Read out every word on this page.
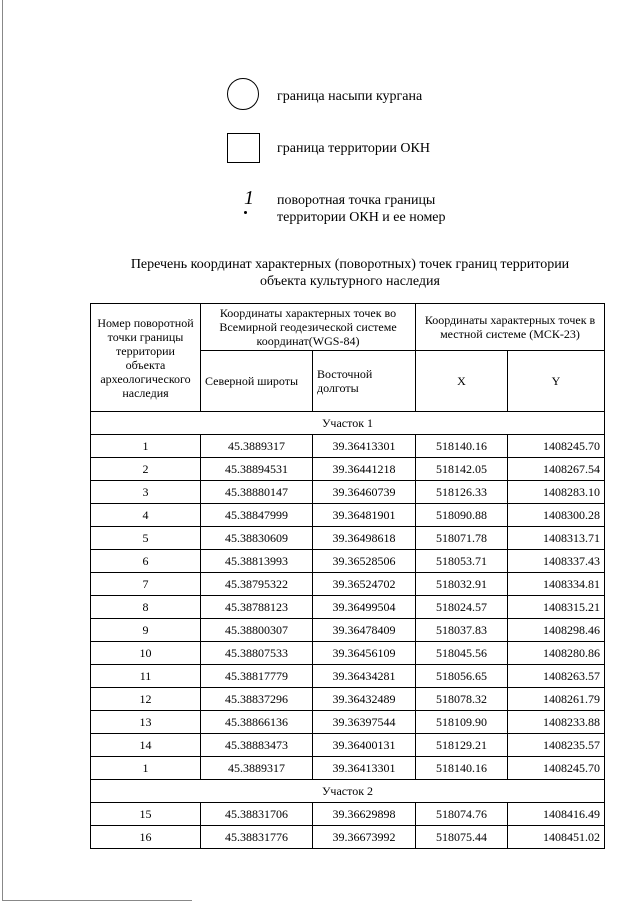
граница насыпи кургана
граница территории ОКН
1 поворотная точка границы
территории ОКН и ее номер
Перечень координат характерных (поворотных) точек границ территории
объекта культурного наследия
Номер поворотной точки границы территории объекта археологического наследия	Координаты характерных точек во Всемирной геодезической системе координат(WGS-84)		Координаты характерных точек в местной системе (МСК-23)	
	Северной широты	Восточной долготы	X	Y
Участок 1				
1	45.3889317	39.36413301	518140.16	1408245.70
2	45.38894531	39.36441218	518142.05	1408267.54
3	45.38880147	39.36460739	518126.33	1408283.10
4	45.38847999	39.36481901	518090.88	1408300.28
5	45.38830609	39.36498618	518071.78	1408313.71
6	45.38813993	39.36528506	518053.71	1408337.43
7	45.38795322	39.36524702	518032.91	1408334.81
8	45.38788123	39.36499504	518024.57	1408315.21
9	45.38800307	39.36478409	518037.83	1408298.46
10	45.38807533	39.36456109	518045.56	1408280.86
11	45.38817779	39.36434281	518056.65	1408263.57
12	45.38837296	39.36432489	518078.32	1408261.79
13	45.38866136	39.36397544	518109.90	1408233.88
14	45.38883473	39.36400131	518129.21	1408235.57
1	45.3889317	39.36413301	518140.16	1408245.70
Участок 2				
15	45.38831706	39.36629898	518074.76	1408416.49
16	45.38831776	39.36673992	518075.44	1408451.02
